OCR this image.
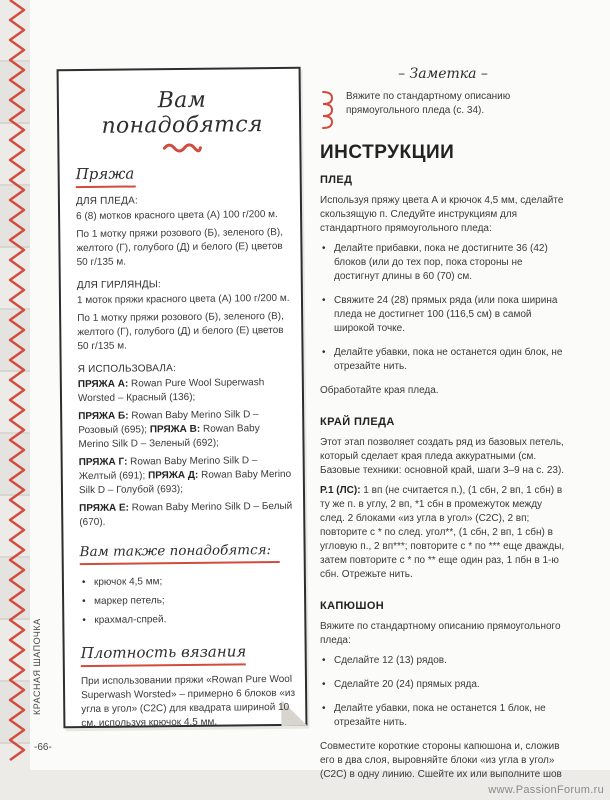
Вам понадобятся
Пряжа
ДЛЯ ПЛЕДА:

6 (8) мотков красного цвета (А) 100 г/200 м.

По 1 мотку пряжи розового (Б), зеленого (В), желтого (Г), голубого (Д) и белого (Е) цветов 50 г/135 м.

ДЛЯ ГИРЛЯНДЫ:

1 моток пряжи красного цвета (А) 100 г/200 м.

По 1 мотку пряжи розового (Б), зеленого (В), желтого (Г), голубого (Д) и белого (Е) цветов 50 г/135 м.

Я ИСПОЛЬЗОВАЛА:

ПРЯЖА А: Rowan Pure Wool Superwash Worsted – Красный (136);

ПРЯЖА Б: Rowan Baby Merino Silk D – Розовый (695); ПРЯЖА В: Rowan Baby Merino Silk D – Зеленый (692);

ПРЯЖА Г: Rowan Baby Merino Silk D – Желтый (691); ПРЯЖА Д: Rowan Baby Merino Silk D – Голубой (693);

ПРЯЖА Е: Rowan Baby Merino Silk D – Белый (670).

Вам также понадобятся:
• крючок 4,5 мм;
• маркер петель;
• крахмал-спрей.
Плотность вязания

При использовании пряжи «Rowan Pure Wool Superwash Worsted» – примерно 6 блоков «из угла в угол» (С2С) для квадрата шириной 10 см, используя крючок 4,5 мм.

– Заметка –

Вяжите по стандартному описанию прямоугольного пледа (с. 34).

ИНСТРУКЦИИ
ПЛЕД

Используя пряжу цвета А и крючок 4,5 мм, сделайте скользящую п. Следуйте инструкциям для стандартного прямоугольного пледа:

• Делайте прибавки, пока не достигните 36 (42) блоков (или до тех пор, пока стороны не достигнут длины в 60 (70) см.
• Свяжите 24 (28) прямых ряда (или пока ширина пледа не достигнет 100 (116,5 см) в самой широкой точке.
• Делайте убавки, пока не останется один блок, не отрезайте нить.

Обработайте края пледа.

КРАЙ ПЛЕДА

Этот этап позволяет создать ряд из базовых петель, который сделает края пледа аккуратными (см. Базовые техники: основной край, шаги 3–9 на с. 23).

Р.1 (ЛС): 1 вп (не считается п.), (1 сбн, 2 вп, 1 сбн) в ту же п. в углу, 2 вп, *1 сбн в промежуток между след. 2 блоками «из угла в угол» (С2С), 2 вп; повторите с * по след. угол**, (1 сбн, 2 вп, 1 сбн) в угловую п., 2 вп***; повторите с * по *** еще дважды, затем повторите с * по ** еще один раз, 1 пбн в 1-ю сбн. Отрежьте нить.

КАПЮШОН

Вяжите по стандартному описанию прямоугольного пледа:

• Сделайте 12 (13) рядов.
• Сделайте 20 (24) прямых ряда.
• Делайте убавки, пока не останется 1 блок, не отрезайте нить.

Совместите короткие стороны капюшона и, сложив его в два слоя, выровняйте блоки «из угла в угол» (С2С) в одну линию. Сшейте их или выполните шов

КРАСНАЯ ШАПОЧКА
-66-
www.PassionForum.ru
